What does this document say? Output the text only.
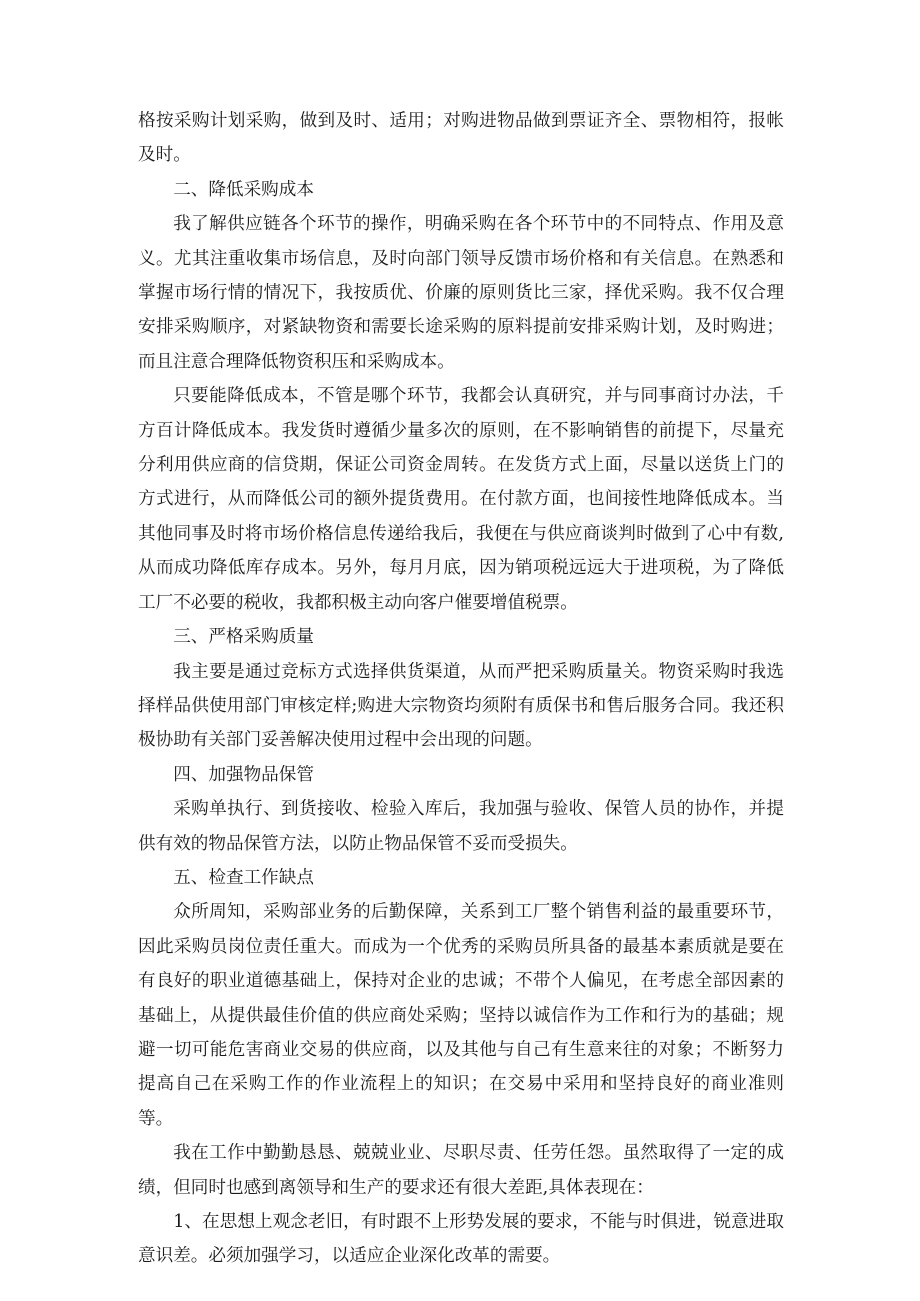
格按采购计划采购，做到及时、适用；对购进物品做到票证齐全、票物相符，报帐及时。

二、降低采购成本

我了解供应链各个环节的操作，明确采购在各个环节中的不同特点、作用及意义。尤其注重收集市场信息，及时向部门领导反馈市场价格和有关信息。在熟悉和掌握市场行情的情况下，我按质优、价廉的原则货比三家，择优采购。我不仅合理安排采购顺序，对紧缺物资和需要长途采购的原料提前安排采购计划，及时购进；而且注意合理降低物资积压和采购成本。

只要能降低成本，不管是哪个环节，我都会认真研究，并与同事商讨办法，千方百计降低成本。我发货时遵循少量多次的原则，在不影响销售的前提下，尽量充分利用供应商的信贷期，保证公司资金周转。在发货方式上面，尽量以送货上门的方式进行，从而降低公司的额外提货费用。在付款方面，也间接性地降低成本。当其他同事及时将市场价格信息传递给我后，我便在与供应商谈判时做到了心中有数,从而成功降低库存成本。另外，每月月底，因为销项税远远大于进项税，为了降低工厂不必要的税收，我都积极主动向客户催要增值税票。

三、严格采购质量

我主要是通过竞标方式选择供货渠道，从而严把采购质量关。物资采购时我选择样品供使用部门审核定样;购进大宗物资均须附有质保书和售后服务合同。我还积极协助有关部门妥善解决使用过程中会出现的问题。

四、加强物品保管

采购单执行、到货接收、检验入库后，我加强与验收、保管人员的协作，并提供有效的物品保管方法，以防止物品保管不妥而受损失。

五、检查工作缺点

众所周知，采购部业务的后勤保障，关系到工厂整个销售利益的最重要环节，因此采购员岗位责任重大。而成为一个优秀的采购员所具备的最基本素质就是要在有良好的职业道德基础上，保持对企业的忠诚；不带个人偏见，在考虑全部因素的基础上，从提供最佳价值的供应商处采购；坚持以诚信作为工作和行为的基础；规避一切可能危害商业交易的供应商，以及其他与自己有生意来往的对象；不断努力提高自己在采购工作的作业流程上的知识；在交易中采用和坚持良好的商业准则等。

我在工作中勤勤恳恳、兢兢业业、尽职尽责、任劳任怨。虽然取得了一定的成绩，但同时也感到离领导和生产的要求还有很大差距,具体表现在：

1、在思想上观念老旧，有时跟不上形势发展的要求，不能与时俱进，锐意进取意识差。必须加强学习，以适应企业深化改革的需要。
